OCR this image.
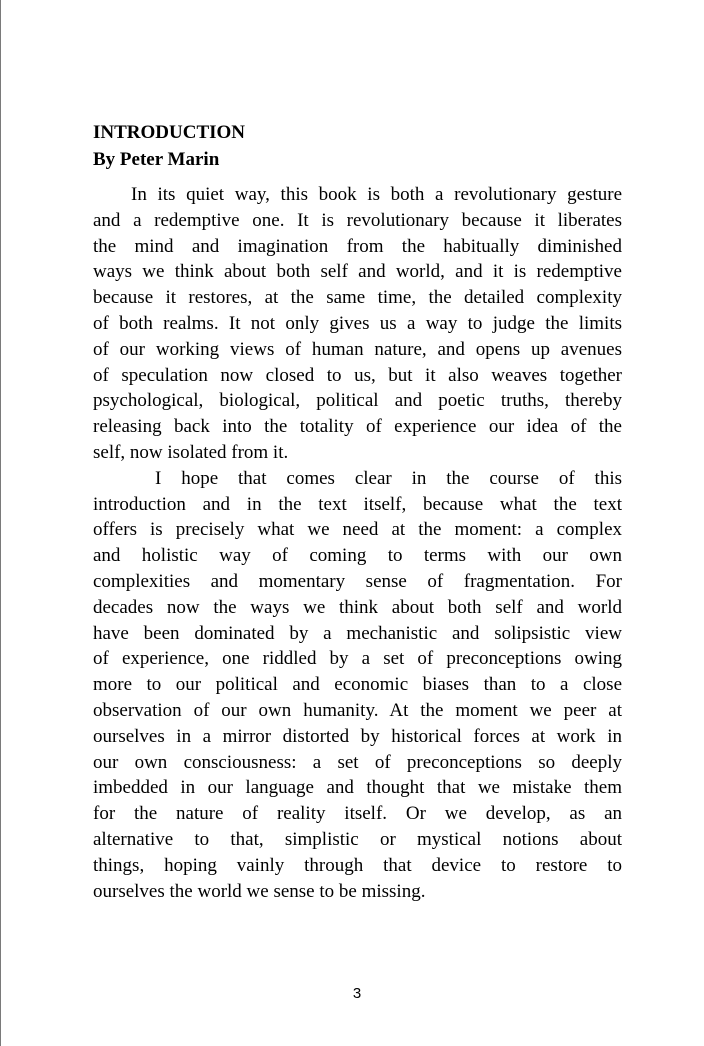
INTRODUCTION
By Peter Marin
In its quiet way, this book is both a revolutionary gesture
and a redemptive one. It is revolutionary because it liberates
the mind and imagination from the habitually diminished
ways we think about both self and world, and it is redemptive
because it restores, at the same time, the detailed complexity
of both realms. It not only gives us a way to judge the limits
of our working views of human nature, and opens up avenues
of speculation now closed to us, but it also weaves together
psychological, biological, political and poetic truths, thereby
releasing back into the totality of experience our idea of the
self, now isolated from it.
I hope that comes clear in the course of this
introduction and in the text itself, because what the text
offers is precisely what we need at the moment: a complex
and holistic way of coming to terms with our own
complexities and momentary sense of fragmentation. For
decades now the ways we think about both self and world
have been dominated by a mechanistic and solipsistic view
of experience, one riddled by a set of preconceptions owing
more to our political and economic biases than to a close
observation of our own humanity. At the moment we peer at
ourselves in a mirror distorted by historical forces at work in
our own consciousness: a set of preconceptions so deeply
imbedded in our language and thought that we mistake them
for the nature of reality itself. Or we develop, as an
alternative to that, simplistic or mystical notions about
things, hoping vainly through that device to restore to
ourselves the world we sense to be missing.
3
